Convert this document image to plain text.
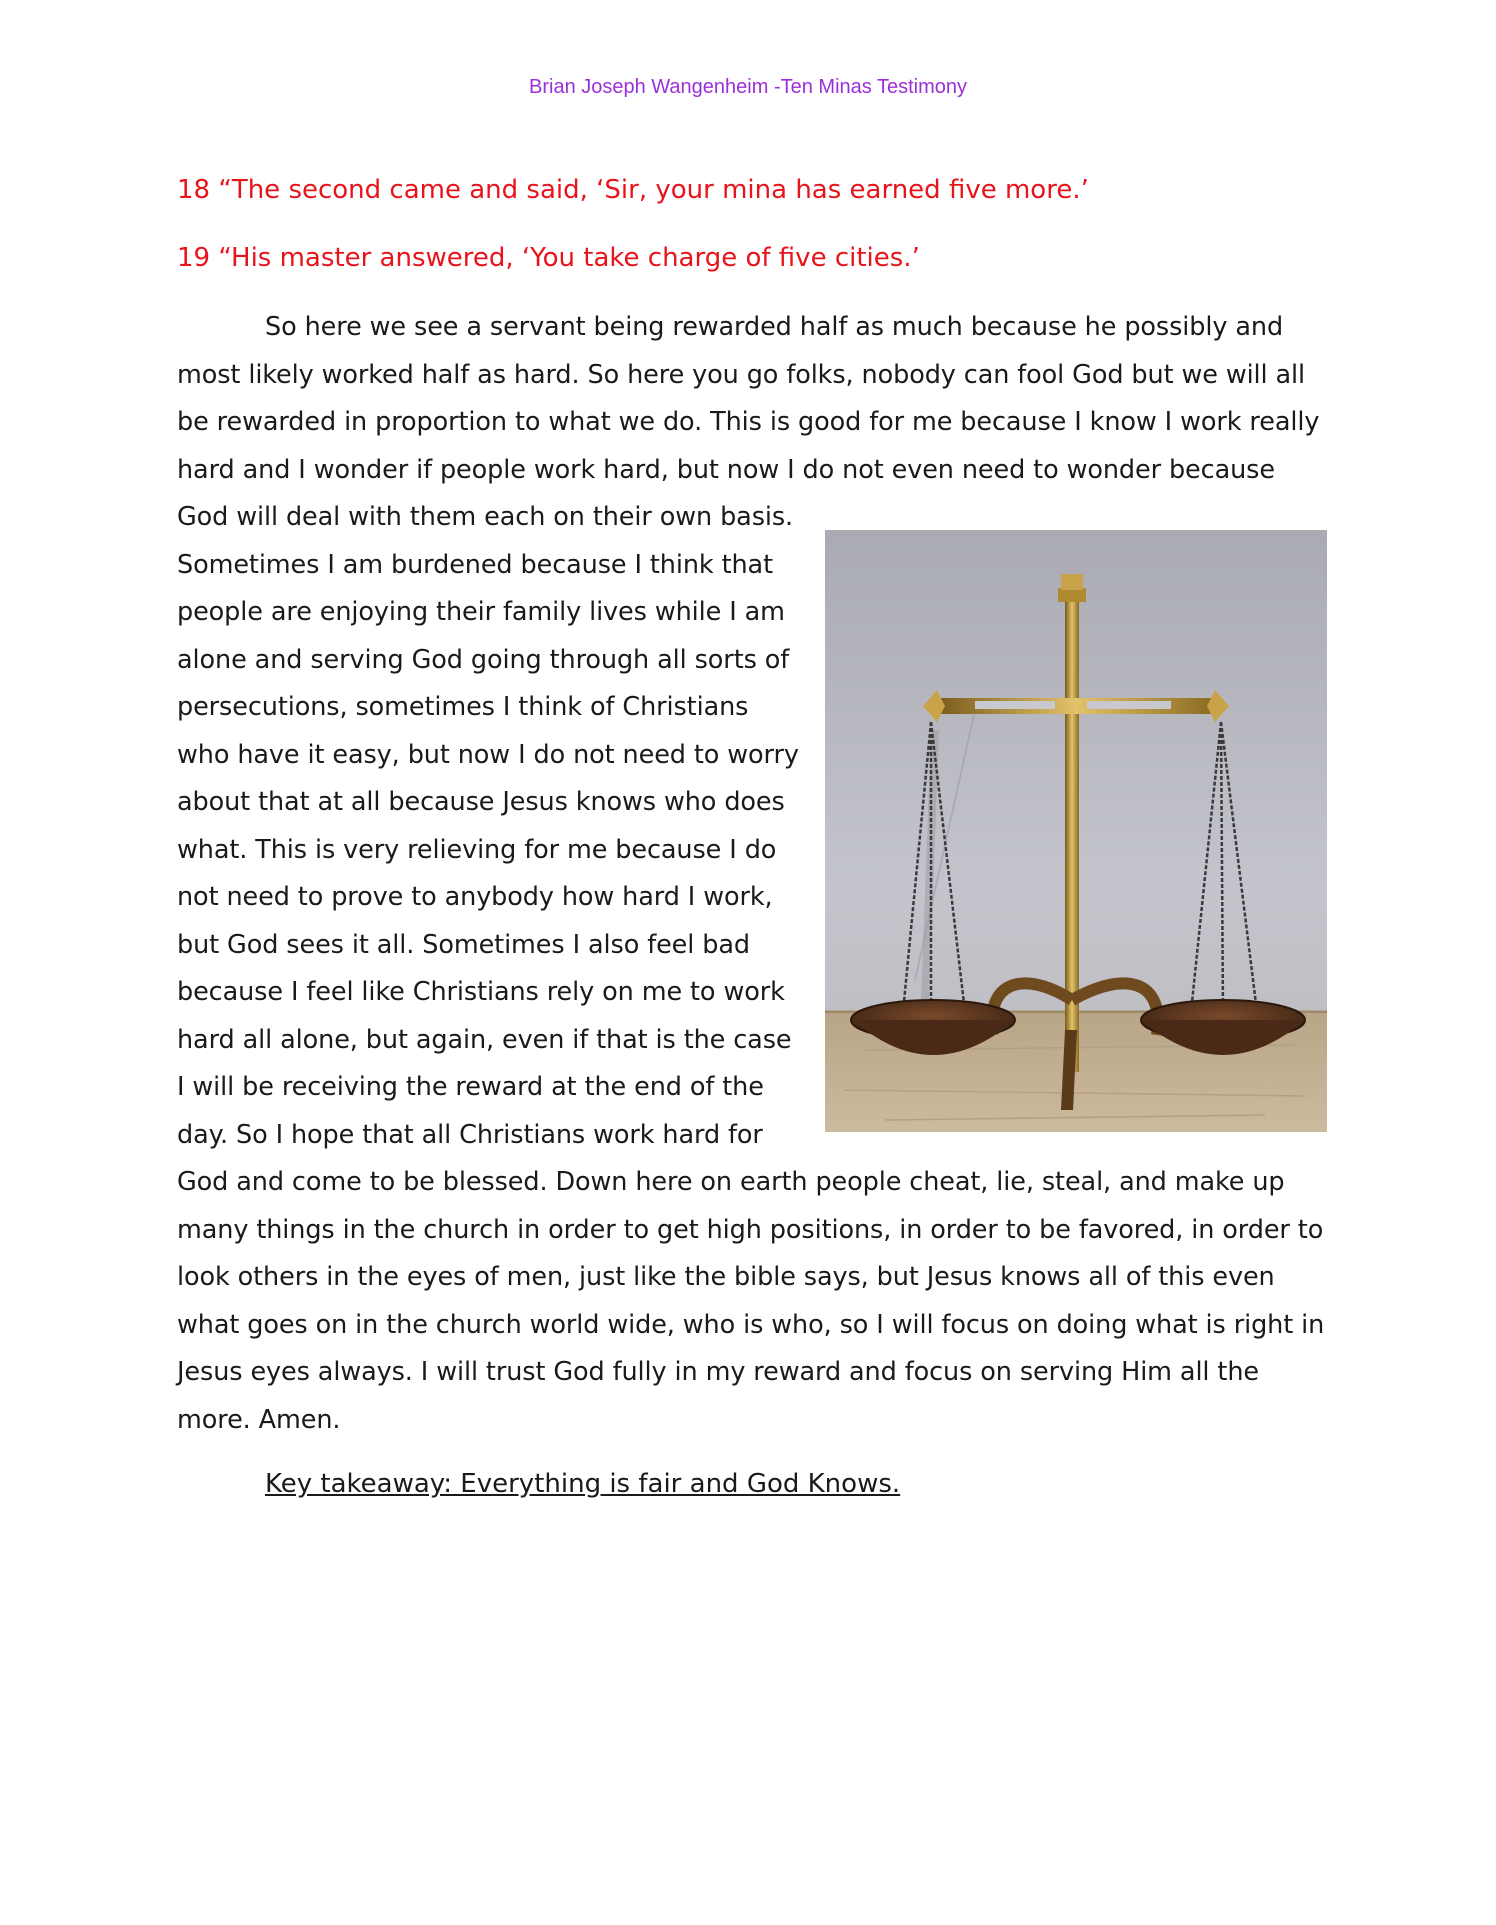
Brian Joseph Wangenheim -Ten Minas Testimony

18 “The second came and said, ‘Sir, your mina has earned five more.’

19 “His master answered, ‘You take charge of five cities.’

So here we see a servant being rewarded half as much because he possibly and most likely worked half as hard. So here you go folks, nobody can fool God but we will all be rewarded in proportion to what we do. This is good for me because I know I work really hard and I wonder if people work hard, but now I do not even need to wonder because God will deal with them each on their own basis.
Sometimes I am burdened because I think that people are enjoying their family lives while I am alone and serving God going through all sorts of persecutions, sometimes I think of Christians who have it easy, but now I do not need to worry about that at all because Jesus knows who does what. This is very relieving for me because I do not need to prove to anybody how hard I work, but God sees it all. Sometimes I also feel bad because I feel like Christians rely on me to work hard all alone, but again, even if that is the case I will be receiving the reward at the end of the day. So I hope that all Christians work hard for God and come to be blessed. Down here on earth people cheat, lie, steal, and make up many things in the church in order to get high positions, in order to be favored, in order to look others in the eyes of men, just like the bible says, but Jesus knows all of this even what goes on in the church world wide, who is who, so I will focus on doing what is right in Jesus eyes always. I will trust God fully in my reward and focus on serving Him all the more. Amen.
Key takeaway: Everything is fair and God Knows.
